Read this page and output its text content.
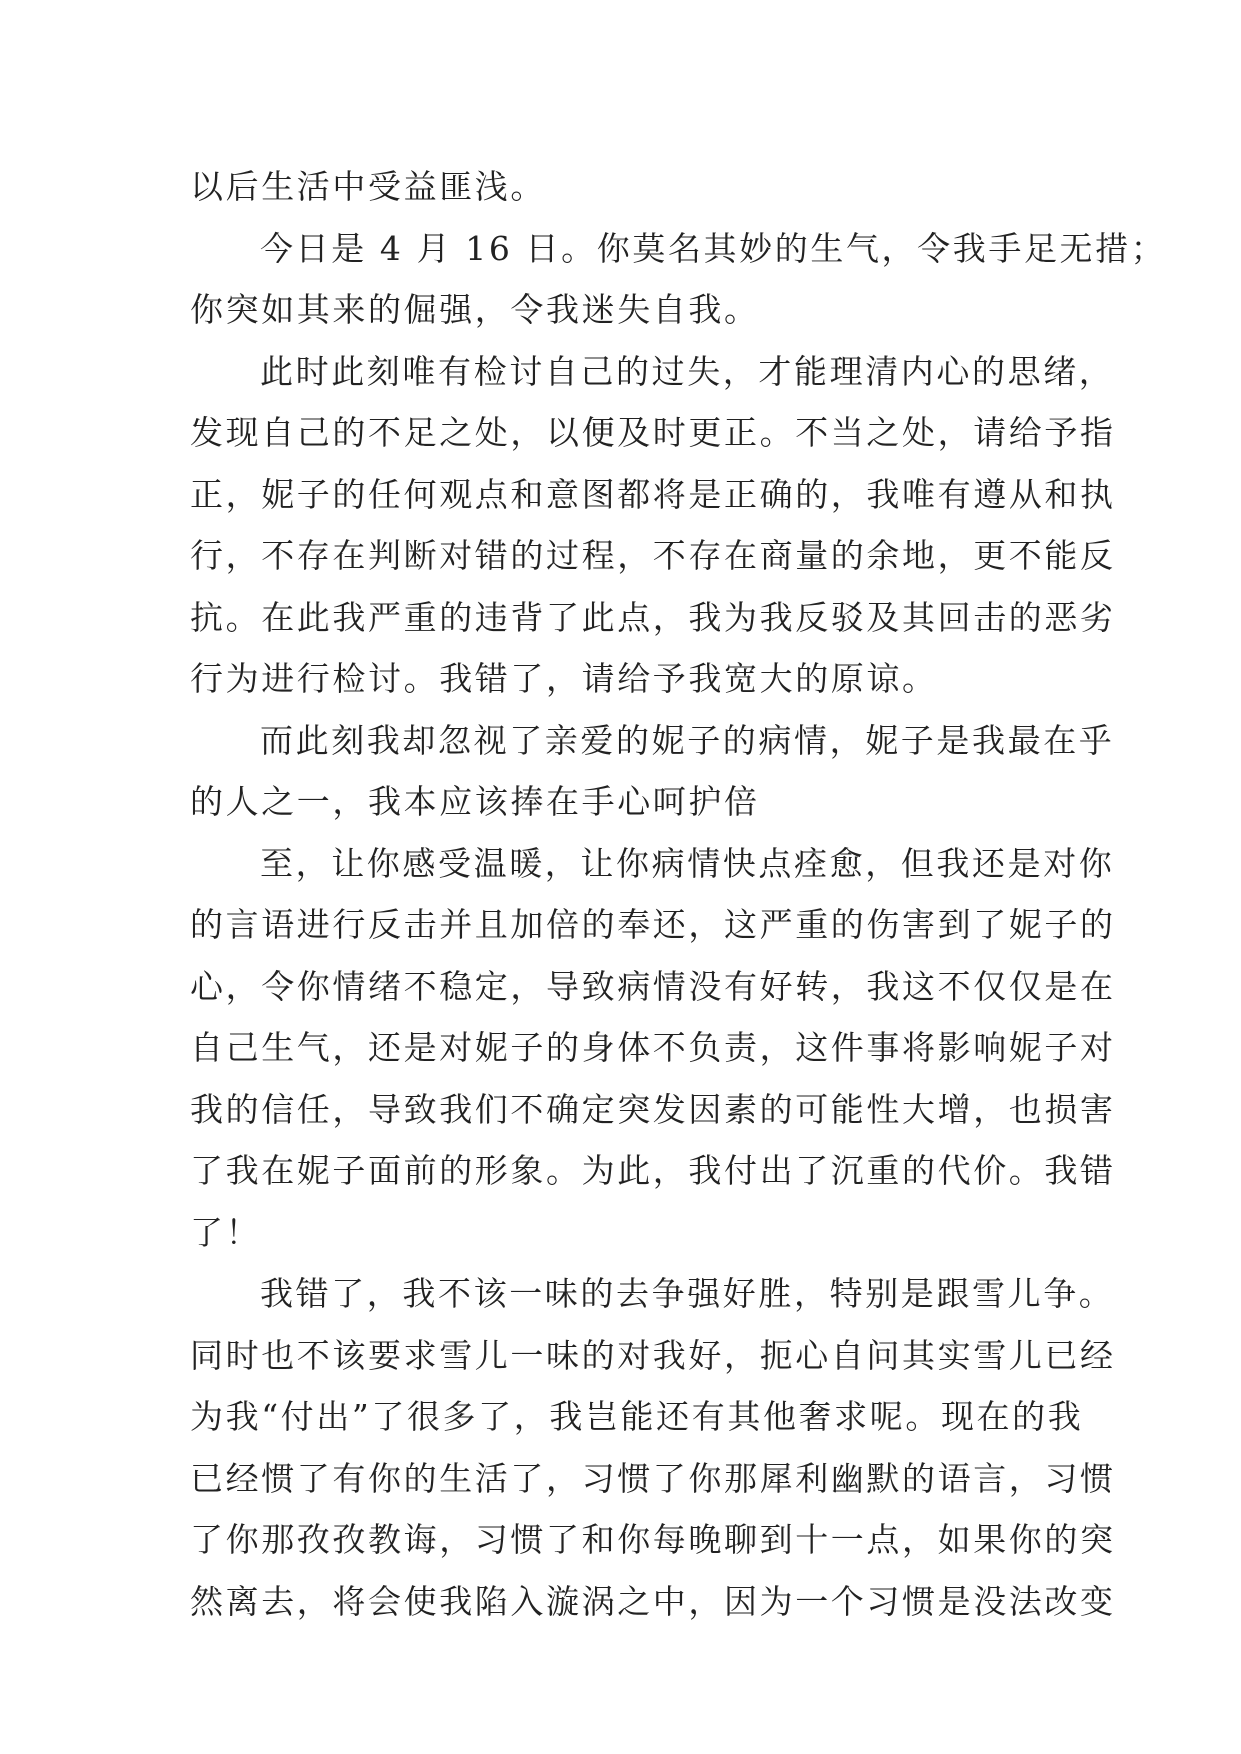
以后生活中受益匪浅。
今日是 4 月 16 日。你莫名其妙的生气，令我手足无措；
你突如其来的倔强，令我迷失自我。
此时此刻唯有检讨自己的过失，才能理清内心的思绪，
发现自己的不足之处，以便及时更正。不当之处，请给予指
正，妮子的任何观点和意图都将是正确的，我唯有遵从和执
行，不存在判断对错的过程，不存在商量的余地，更不能反
抗。在此我严重的违背了此点，我为我反驳及其回击的恶劣
行为进行检讨。我错了，请给予我宽大的原谅。
而此刻我却忽视了亲爱的妮子的病情，妮子是我最在乎
的人之一，我本应该捧在手心呵护倍
至，让你感受温暖，让你病情快点痊愈，但我还是对你
的言语进行反击并且加倍的奉还，这严重的伤害到了妮子的
心，令你情绪不稳定，导致病情没有好转，我这不仅仅是在
自己生气，还是对妮子的身体不负责，这件事将影响妮子对
我的信任，导致我们不确定突发因素的可能性大增，也损害
了我在妮子面前的形象。为此，我付出了沉重的代价。我错
了！
我错了，我不该一味的去争强好胜，特别是跟雪儿争。
同时也不该要求雪儿一味的对我好，扼心自问其实雪儿已经
为我“付出”了很多了，我岂能还有其他奢求呢。现在的我
已经惯了有你的生活了，习惯了你那犀利幽默的语言，习惯
了你那孜孜教诲，习惯了和你每晚聊到十一点，如果你的突
然离去，将会使我陷入漩涡之中，因为一个习惯是没法改变
